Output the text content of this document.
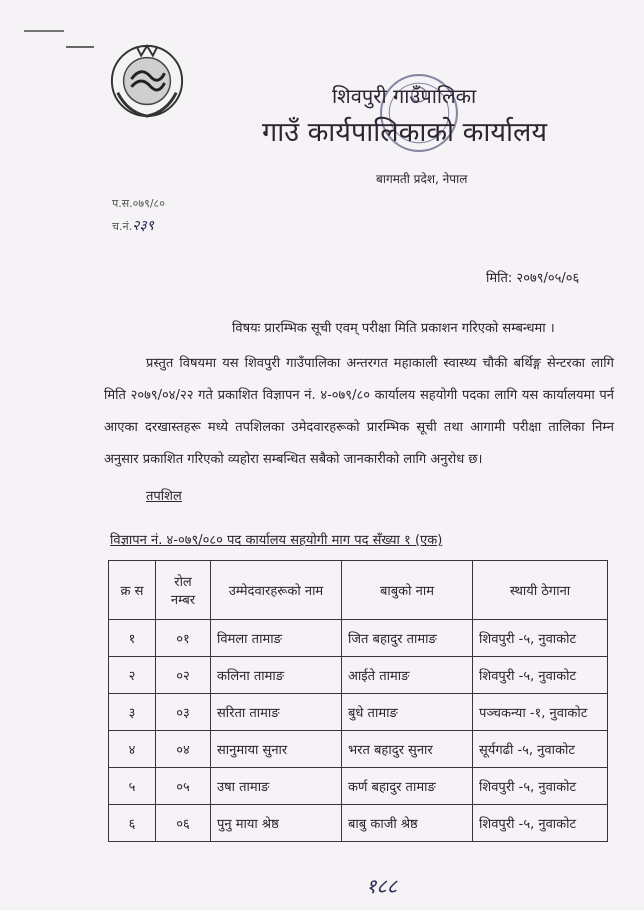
शिवपुरी गाउँपालिका
गाउँ कार्यपालिकाको कार्यालय
बागमती प्रदेश, नेपाल
प.स.०७९/८०
च.नं.२३९
मिति: २०७९/०५/०६
विषयः प्रारम्भिक सूची एवम् परीक्षा मिति प्रकाशन गरिएको सम्बन्धमा ।
प्रस्तुत विषयमा यस शिवपुरी गाउँपालिका अन्तरगत महाकाली स्वास्थ्य चौकी बर्थिङ्ग सेन्टरका लागि मिति २०७९/०४/२२ गते प्रकाशित विज्ञापन नं. ४-०७९/८० कार्यालय सहयोगी पदका लागि यस कार्यालयमा पर्न आएका दरखास्तहरू मध्ये तपशिलका उमेदवारहरूको प्रारम्भिक सूची तथा आगामी परीक्षा तालिका निम्न अनुसार प्रकाशित गरिएको व्यहोरा सम्बन्धित सबैको जानकारीको लागि अनुरोध छ।
तपशिल
विज्ञापन नं. ४-०७९/०८० पद कार्यालय सहयोगी माग पद सँख्या १ (एक)
क्र स	रोल नम्बर	उम्मेदवारहरूको नाम	बाबुको नाम	स्थायी ठेगाना
१	०१	विमला तामाङ	जित बहादुर तामाङ	शिवपुरी -५, नुवाकोट
२	०२	कलिना तामाङ	आईते तामाङ	शिवपुरी -५, नुवाकोट
३	०३	सरिता तामाङ	बुधे तामाङ	पञ्चकन्या -१, नुवाकोट
४	०४	सानुमाया सुनार	भरत बहादुर सुनार	सूर्यगढी -५, नुवाकोट
५	०५	उषा तामाङ	कर्ण बहादुर तामाङ	शिवपुरी -५, नुवाकोट
६	०६	पुनु माया श्रेष्ठ	बाबु काजी श्रेष्ठ	शिवपुरी -५, नुवाकोट
१८८
